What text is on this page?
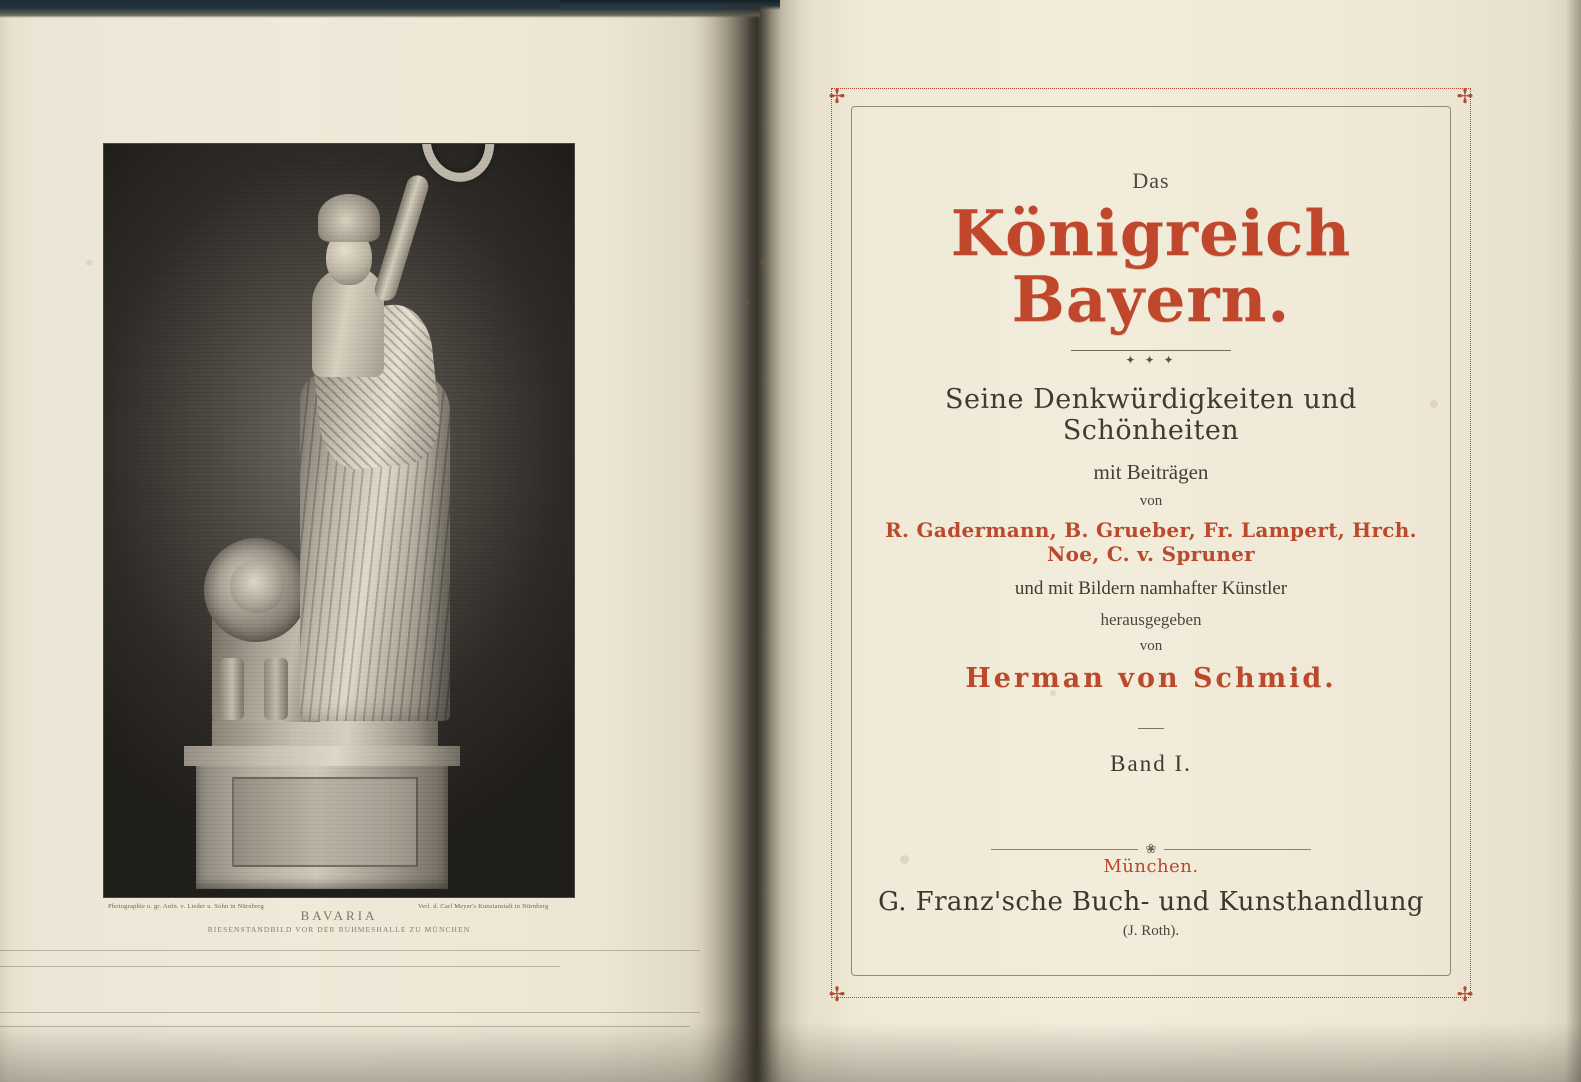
Photographie u. gr. Aufn. v. Lieder u. Sohn in Nürnberg	Verl. d. Carl Meyer's Kunstanstalt in Nürnberg
BAVARIA
RIESENSTANDBILD VOR DER RUHMESHALLE ZU MÜNCHEN
✢	✢
✢	✢
Das
Königreich Bayern.
✦ ✦ ✦
Seine Denkwürdigkeiten und Schönheiten
mit Beiträgen
von
R. Gadermann, B. Grueber, Fr. Lampert, Hrch. Noe, C. v. Spruner
und mit Bildern namhafter Künstler
herausgegeben
von
Herman von Schmid.
Band I.
❀
München.
G. Franz'sche Buch- und Kunsthandlung
(J. Roth).
